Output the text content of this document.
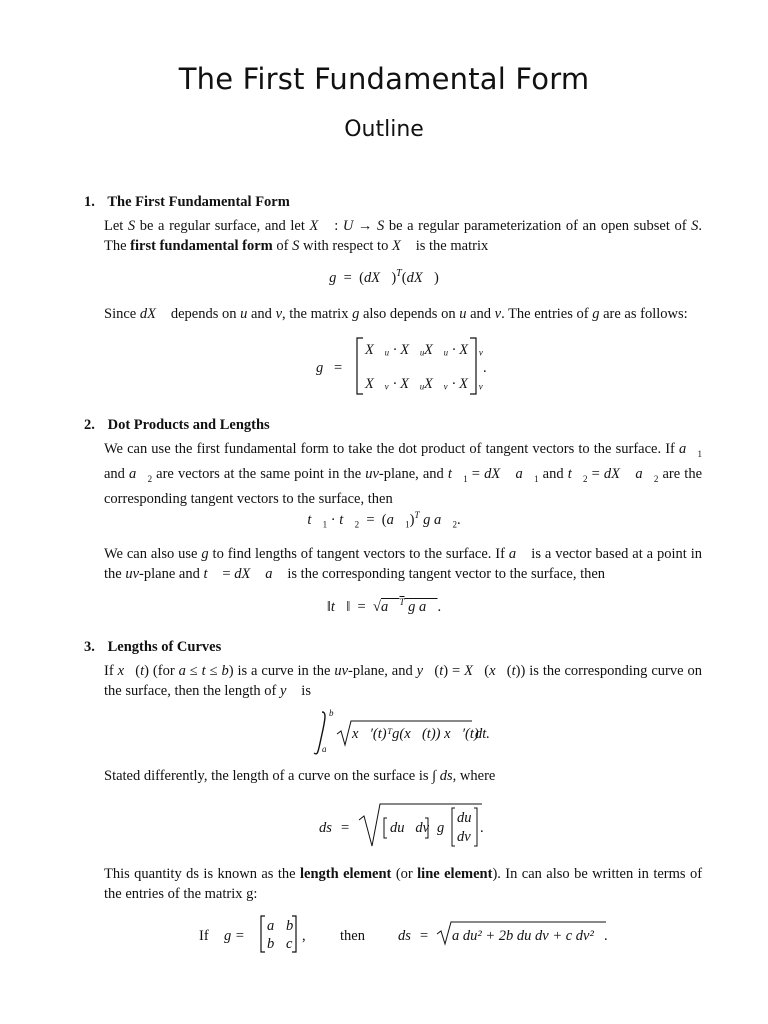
The First Fundamental Form
Outline
1. The First Fundamental Form
Let S be a regular surface, and let X⃗ : U → S be a regular parameterization of an open subset of S. The first fundamental form of S with respect to X⃗ is the matrix
g  =  (dX⃗)$^T$(dX⃗)
Since dX⃗ depends on u and v, the matrix g also depends on u and v. The entries of g are as follows:
g =
X⃗ᵤ · X⃗ᵤ X⃗ᵤ · X⃗ᵥ
X⃗ᵥ · X⃗ᵤ X⃗ᵥ · X⃗ᵥ
.
b
a
x⃗′(t)ᵀg(x⃗(t)) x⃗′(t)
dt.
ds =	du   dv g
du
dv
.
If g =
a b
b c , then ds = a du² + 2b du dv + c dv² .
2. Dot Products and Lengths
We can use the first fundamental form to take the dot product of tangent vectors to the surface. If $a⃗_1$ and $a⃗_2$ are vectors at the same point in the uv-plane, and $t⃗_1$ = dX⃗ $a⃗_1$ and $t⃗_2$ = dX⃗ $a⃗_2$ are the corresponding tangent vectors to the surface, then
$t⃗_1$ · $t⃗_2$  =  $(a⃗_1)^T$ g $a⃗_2$.
We can also use g to find lengths of tangent vectors to the surface. If a⃗ is a vector based at a point in the uv-plane and t⃗ = dX⃗ a⃗ is the corresponding tangent vector to the surface, then
‖t⃗‖  =  √a⃗$^T$ g a⃗.
3. Lengths of Curves
If x⃗(t) (for a ≤ t ≤ b) is a curve in the uv-plane, and y⃗(t) = X⃗(x⃗(t)) is the corresponding curve on the surface, then the length of y⃗ is
Stated differently, the length of a curve on the surface is ∫ ds, where
This quantity ds is known as the length element (or line element). In can also be written in terms of the entries of the matrix g:
